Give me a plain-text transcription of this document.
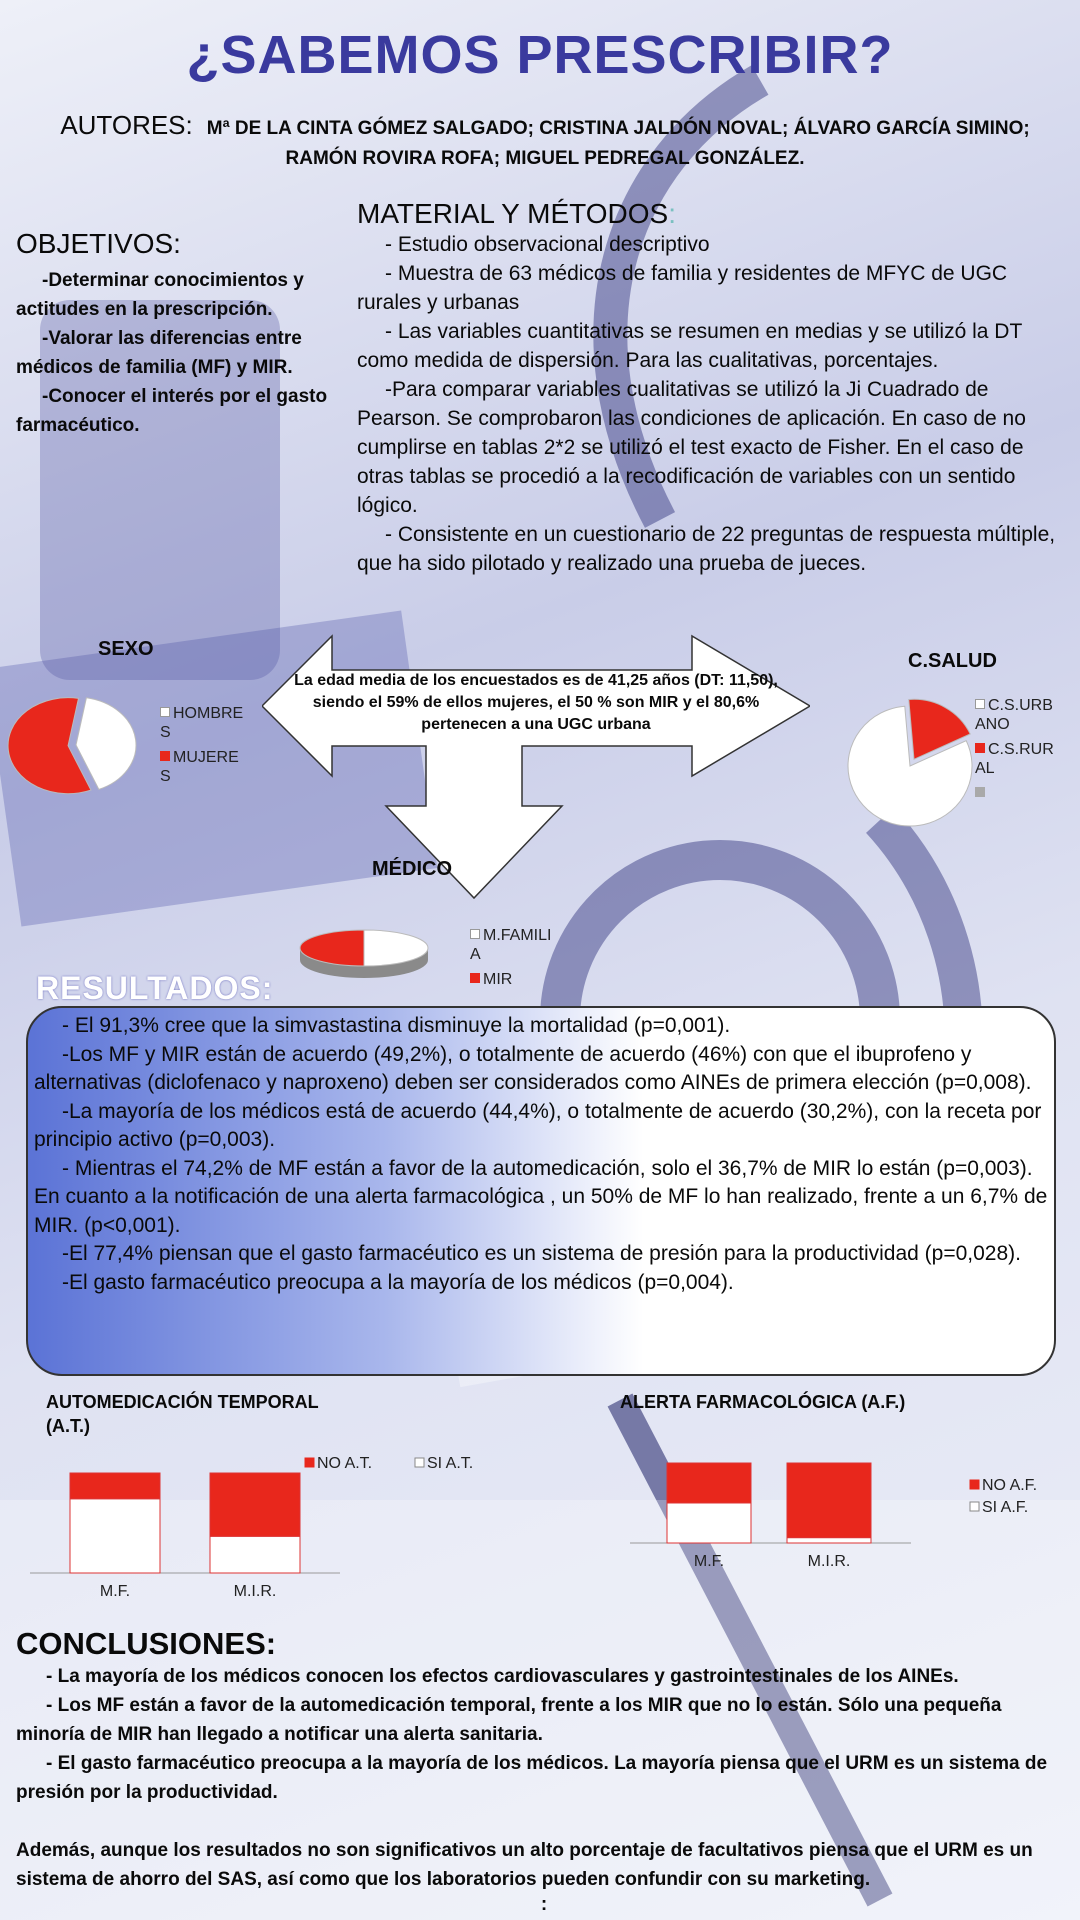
¿SABEMOS PRESCRIBIR?
AUTORES: Mª DE LA CINTA GÓMEZ SALGADO; CRISTINA JALDÓN NOVAL; ÁLVARO GARCÍA SIMINO;
RAMÓN ROVIRA ROFA; MIGUEL PEDREGAL GONZÁLEZ.
OBJETIVOS:

-Determinar conocimientos y actitudes en la prescripción.

-Valorar las diferencias entre médicos de familia (MF) y MIR.

-Conocer el interés por el gasto farmacéutico.

MATERIAL Y MÉTODOS:

- Estudio observacional descriptivo

- Muestra de 63 médicos de familia y residentes de MFYC de UGC rurales y urbanas

- Las variables cuantitativas se resumen en medias y se utilizó la DT como medida de dispersión. Para las cualitativas, porcentajes.

-Para comparar variables cualitativas se utilizó la Ji Cuadrado de Pearson. Se comprobaron las condiciones de aplicación. En caso de no cumplirse en tablas 2*2 se utilizó el test exacto de Fisher. En el caso de otras tablas se procedió a la recodificación de variables con un sentido lógico.

- Consistente en un cuestionario de 22 preguntas de respuesta múltiple, que ha sido pilotado y realizado una prueba de jueces.

La edad media de los encuestados es de 41,25 años (DT: 11,50), siendo el 59% de ellos mujeres, el 50 % son MIR y el 80,6% pertenecen a una UGC urbana
SEXO
HOMBRE
S
MUJERE
S
C.SALUD
C.S.URB
ANO
C.S.RUR
AL
MÉDICO
M.FAMILI
A
MIR
RESULTADOS:

- El 91,3% cree que la simvastastina disminuye la mortalidad (p=0,001).

-Los MF y MIR están de acuerdo (49,2%), o totalmente de acuerdo (46%) con que el ibuprofeno y alternativas (diclofenaco y naproxeno) deben ser considerados como AINEs de primera elección (p=0,008).

-La mayoría de los médicos está de acuerdo (44,4%), o totalmente de acuerdo (30,2%), con la receta por principio activo (p=0,003).

- Mientras el 74,2% de MF están a favor de la automedicación, solo el 36,7% de MIR lo están (p=0,003). En cuanto a la notificación de una alerta farmacológica , un 50% de MF lo han realizado, frente a un 6,7% de MIR. (p<0,001).

-El 77,4% piensan que el gasto farmacéutico es un sistema de presión para la productividad (p=0,028).

-El gasto farmacéutico preocupa a la mayoría de los médicos (p=0,004).

AUTOMEDICACIÓN TEMPORAL
(A.T.)
M.F.	M.I.R.
NO A.T.	SI A.T.
ALERTA FARMACOLÓGICA (A.F.)
M.F.	M.I.R.
NO A.F.
SI A.F.
CONCLUSIONES:

- La mayoría de los médicos conocen los efectos cardiovasculares y gastrointestinales de los AINEs.

- Los MF están a favor de la automedicación temporal, frente a los MIR que no lo están. Sólo una pequeña minoría de MIR han llegado a notificar una alerta sanitaria.

- El gasto farmacéutico preocupa a la mayoría de los médicos. La mayoría piensa que el URM es un sistema de presión por la productividad.

Además, aunque los resultados no son significativos un alto porcentaje de facultativos piensa que el URM es un sistema de ahorro del SAS, así como que los laboratorios pueden confundir con su marketing.

:
